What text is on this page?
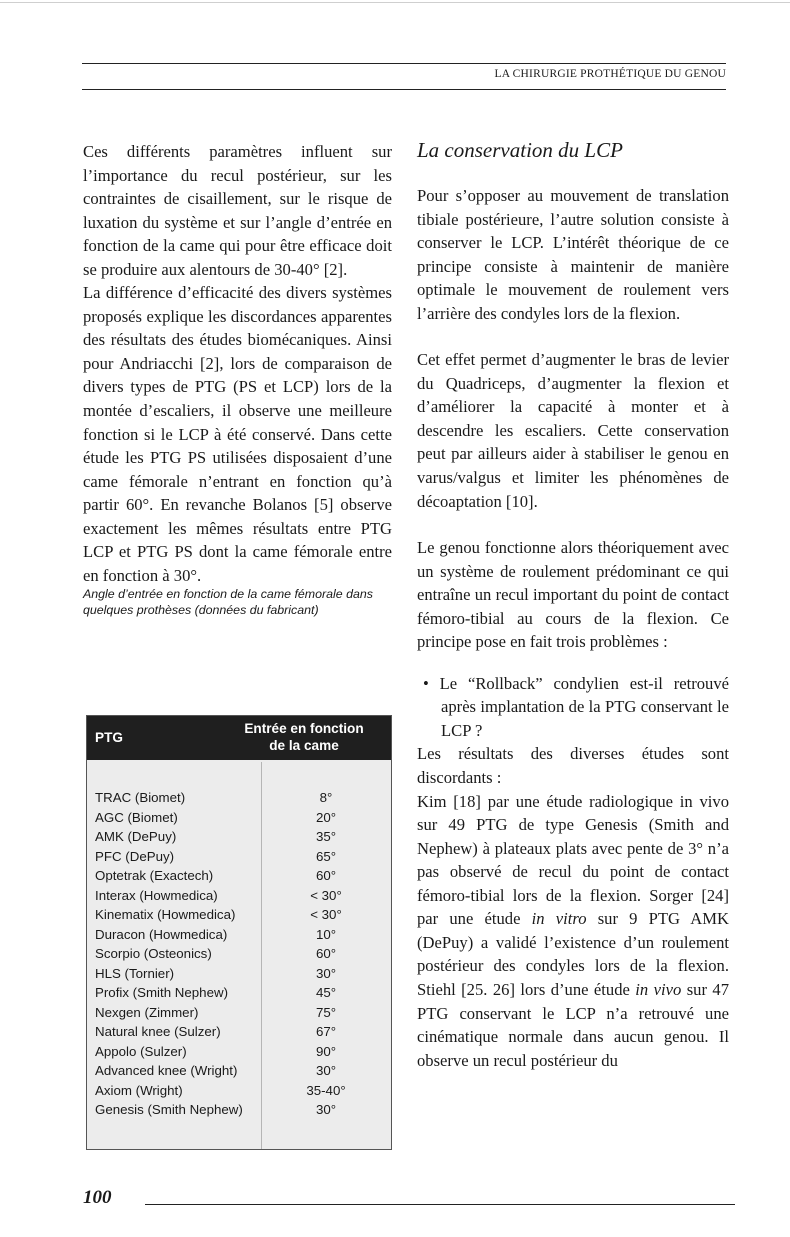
LA CHIRURGIE PROTHÉTIQUE DU GENOU

Ces différents paramètres influent sur l’importance du recul postérieur, sur les contraintes de cisaillement, sur le risque de luxation du système et sur l’angle d’entrée en fonction de la came qui pour être efficace doit se produire aux alentours de 30-40° [2].

La différence d’efficacité des divers systèmes proposés explique les discordances apparentes des résultats des études biomécaniques. Ainsi pour Andriacchi [2], lors de comparaison de divers types de PTG (PS et LCP) lors de la montée d’escaliers, il observe une meilleure fonction si le LCP à été conservé. Dans cette étude les PTG PS utilisées disposaient d’une came fémorale n’entrant en fonction qu’à partir 60°. En revanche Bolanos [5] observe exactement les mêmes résultats entre PTG LCP et PTG PS dont la came fémorale entre en fonction à 30°.

Angle d’entrée en fonction de la came fémorale dans quelques prothèses (données du fabricant)

PTG
Entrée en fonction
de la came
TRAC (Biomet)	8°
AGC (Biomet)	20°
AMK (DePuy)	35°
PFC (DePuy)	65°
Optetrak (Exactech)	60°
Interax (Howmedica)	< 30°
Kinematix (Howmedica)	< 30°
Duracon (Howmedica)	10°
Scorpio (Osteonics)	60°
HLS (Tornier)	30°
Profix (Smith Nephew)	45°
Nexgen (Zimmer)	75°
Natural knee (Sulzer)	67°
Appolo (Sulzer)	90°
Advanced knee (Wright)	30°
Axiom (Wright)	35-40°
Genesis (Smith Nephew)	30°
La conservation du LCP

Pour s’opposer au mouvement de translation tibiale postérieure, l’autre solution consiste à conserver le LCP. L’intérêt théorique de ce principe consiste à maintenir de manière optimale le mouvement de roulement vers l’arrière des condyles lors de la flexion.

Cet effet permet d’augmenter le bras de levier du Quadriceps, d’augmenter la flexion et d’améliorer la capacité à monter et à descendre les escaliers. Cette conservation peut par ailleurs aider à stabiliser le genou en varus/valgus et limiter les phénomènes de décoaptation [10].

Le genou fonctionne alors théoriquement avec un système de roulement prédominant ce qui entraîne un recul important du point de contact fémoro-tibial au cours de la flexion. Ce principe pose en fait trois problèmes :

• Le “Rollback” condylien est-il retrouvé après implantation de la PTG conservant le LCP ?

Les résultats des diverses études sont discordants :

Kim [18] par une étude radiologique in vivo sur 49 PTG de type Genesis (Smith and Nephew) à plateaux plats avec pente de 3° n’a pas observé de recul du point de contact fémoro-tibial lors de la flexion. Sorger [24] par une étude in vitro sur 9 PTG AMK (DePuy) a validé l’existence d’un roulement postérieur des condyles lors de la flexion. Stiehl [25. 26] lors d’une étude in vivo sur 47 PTG conservant le LCP n’a retrouvé une cinématique normale dans aucun genou. Il observe un recul postérieur du

100
